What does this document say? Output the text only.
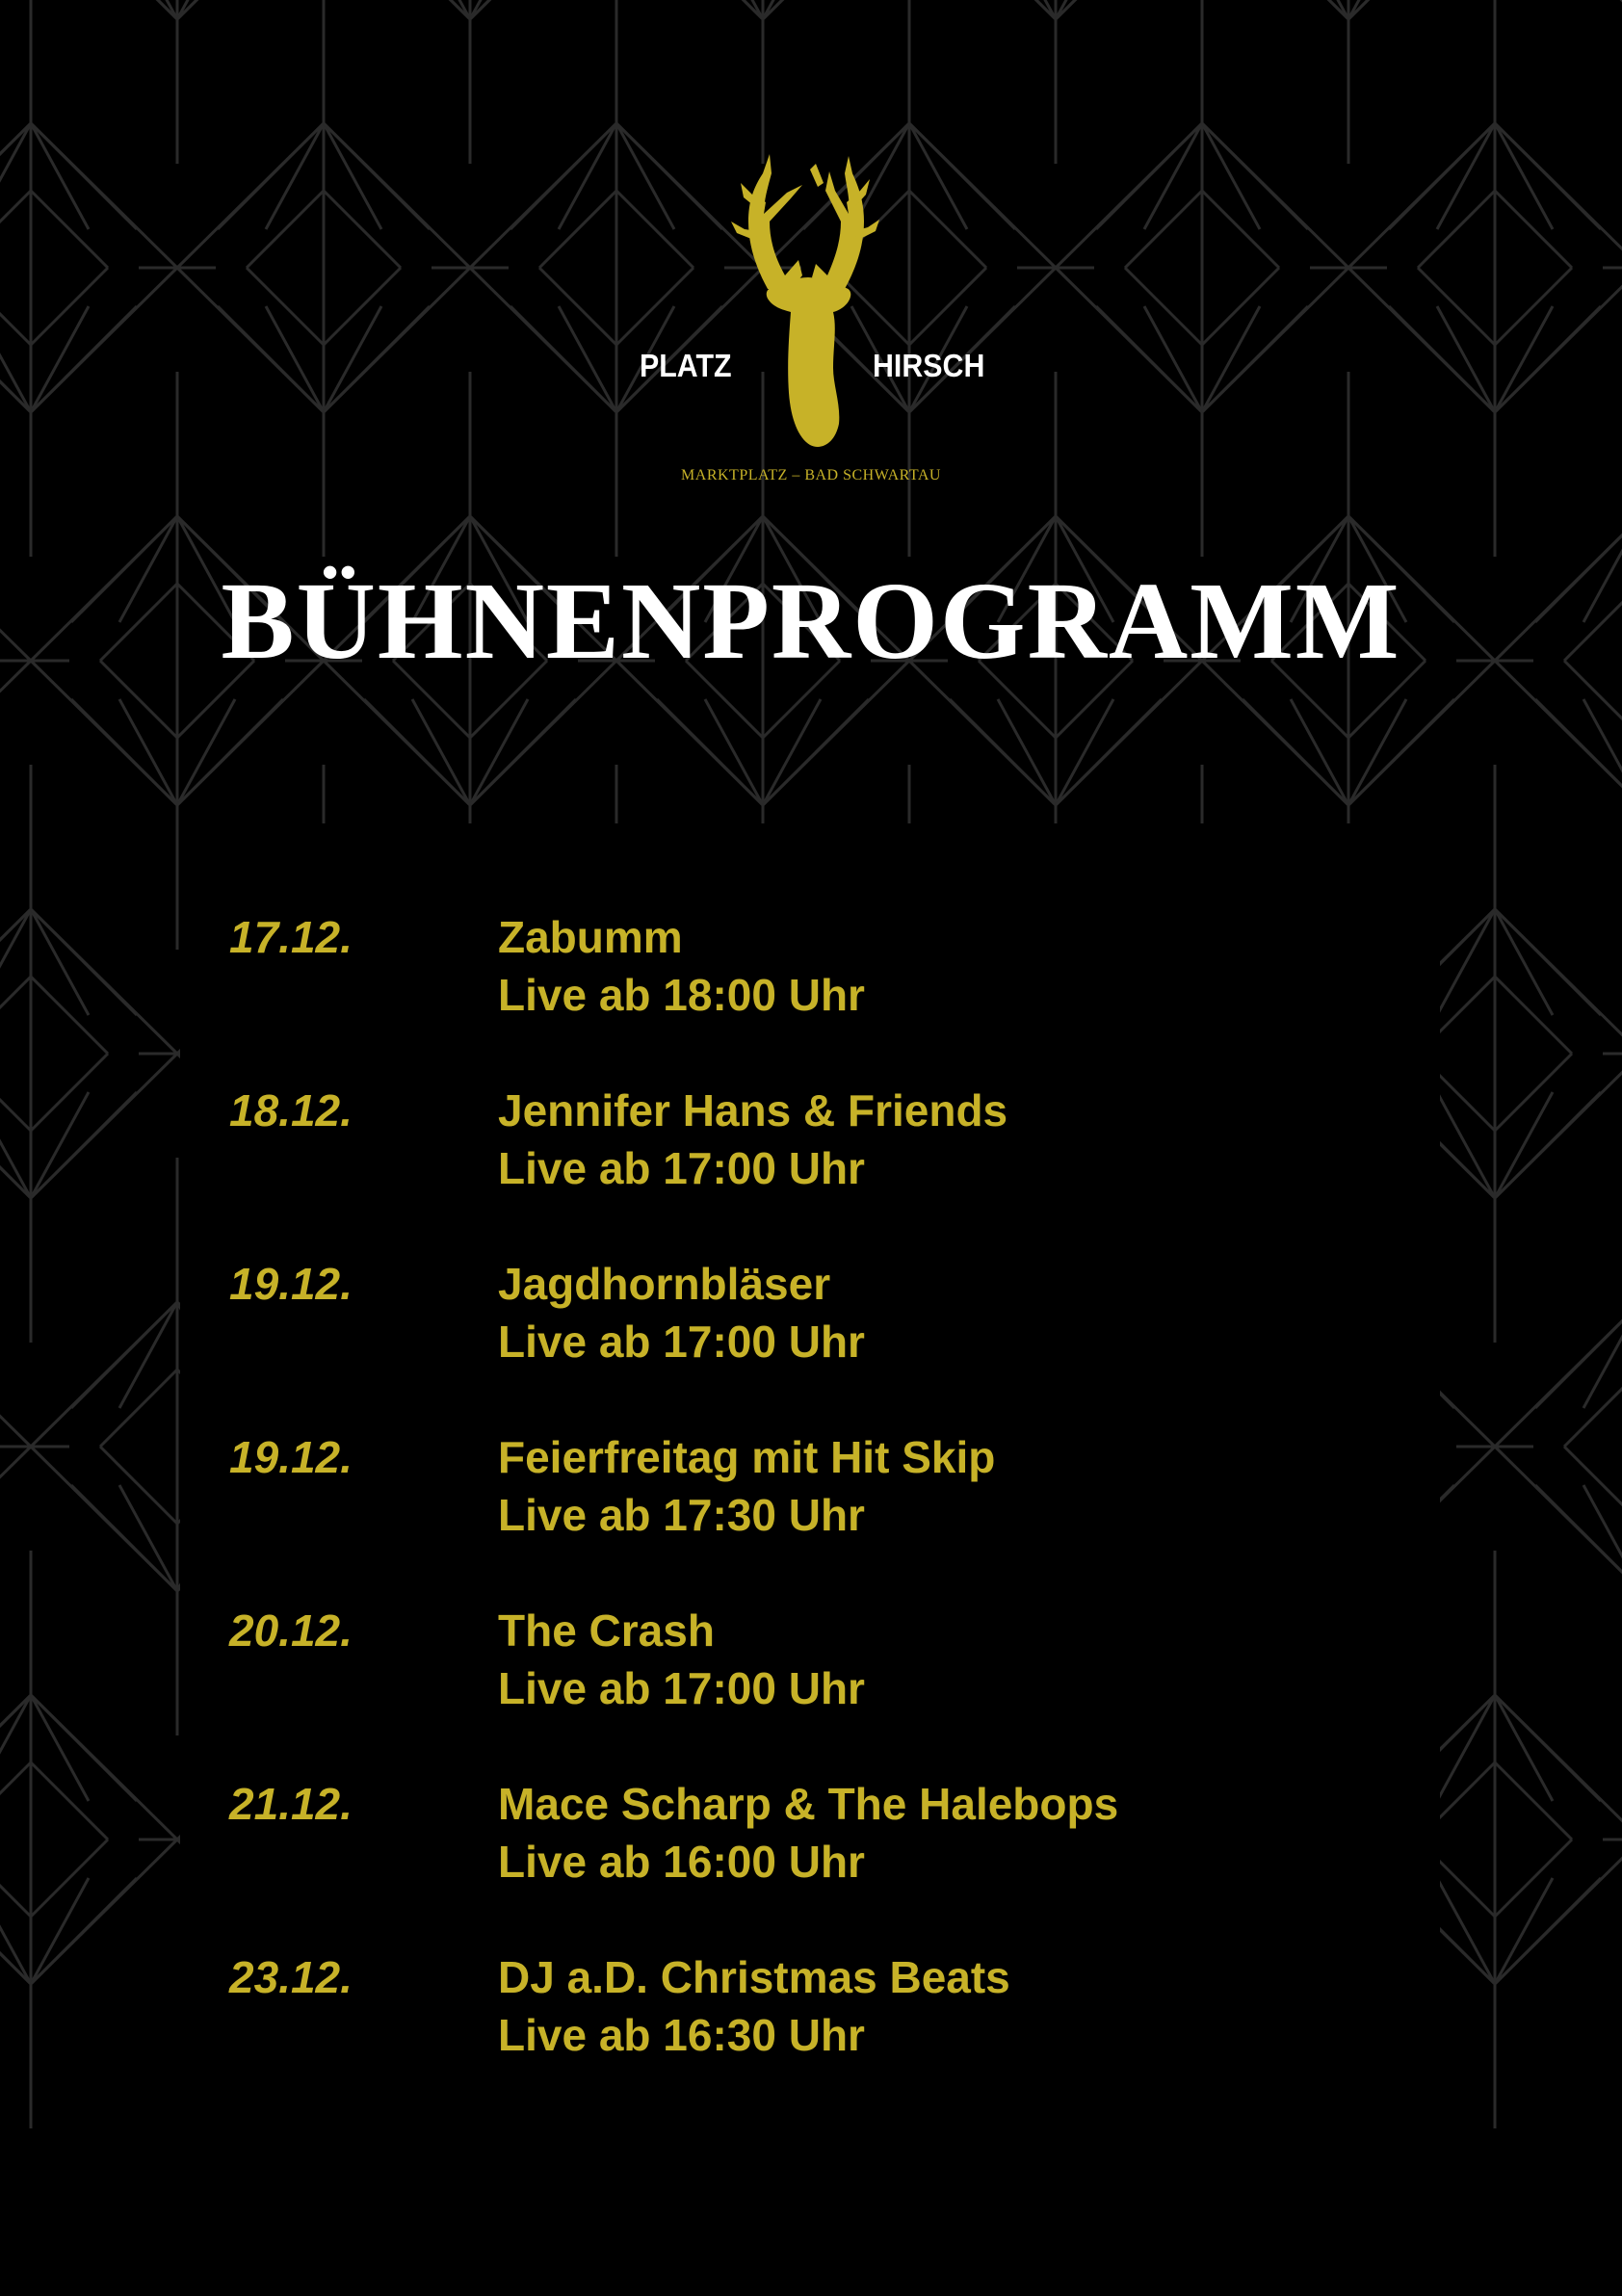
PLATZ	HIRSCH
MARKTPLATZ – BAD SCHWARTAU
BÜHNENPROGRAMM
17.12.	Zabumm
Live ab 18:00 Uhr
18.12.	Jennifer Hans & Friends
Live ab 17:00 Uhr
19.12.	Jagdhornbläser
Live ab 17:00 Uhr
19.12.	Feierfreitag mit Hit Skip
Live ab 17:30 Uhr
20.12.	The Crash
Live ab 17:00 Uhr
21.12.	Mace Scharp & The Halebops
Live ab 16:00 Uhr
23.12.	DJ a.D. Christmas Beats
Live ab 16:30 Uhr
